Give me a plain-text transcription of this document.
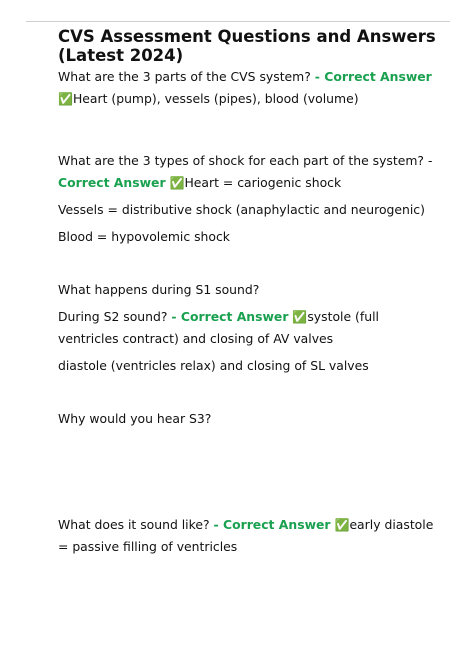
CVS Assessment Questions and Answers (Latest 2024)

What are the 3 parts of the CVS system? - Correct Answer
✅Heart (pump), vessels (pipes), blood (volume)

What are the 3 types of shock for each part of the system? -
Correct Answer ✅Heart = cariogenic shock

Vessels = distributive shock (anaphylactic and neurogenic)

Blood = hypovolemic shock

What happens during S1 sound?

During S2 sound? - Correct Answer ✅systole (full ventricles contract) and closing of AV valves

diastole (ventricles relax) and closing of SL valves

Why would you hear S3?

What does it sound like? - Correct Answer ✅early diastole = passive filling of ventricles
